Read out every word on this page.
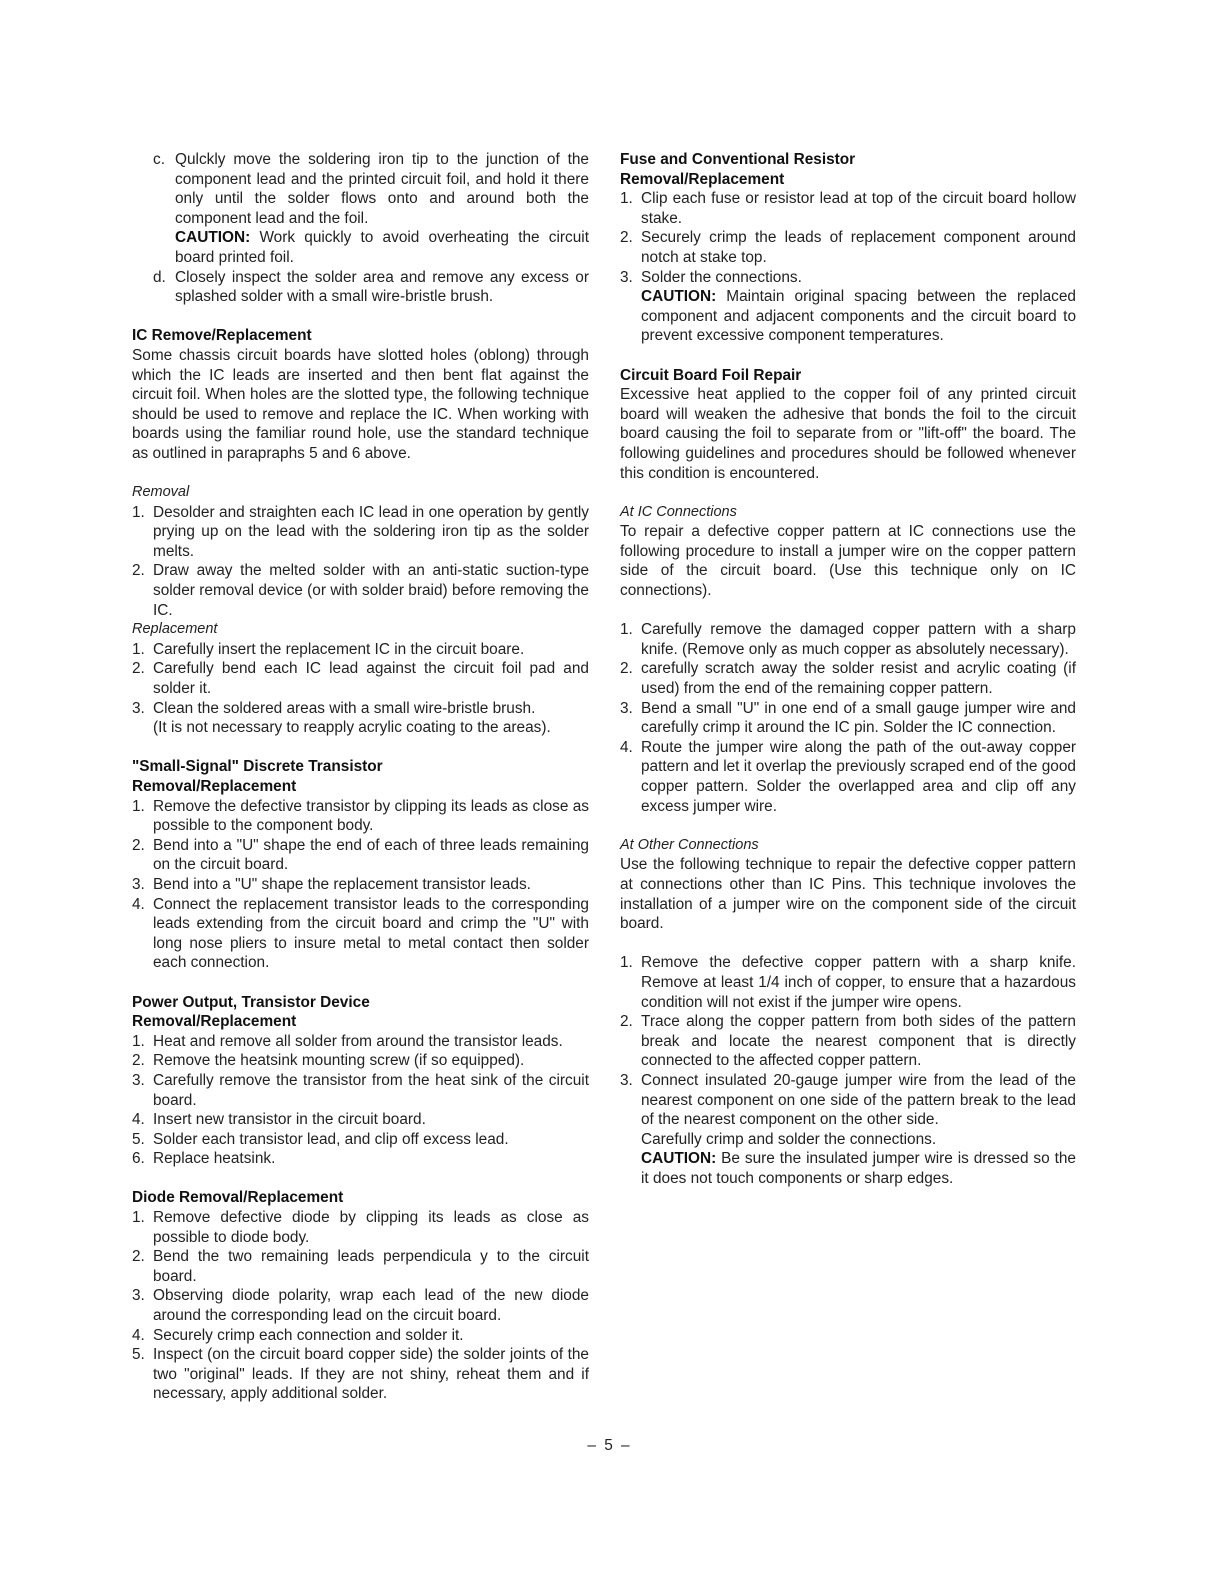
c. Qulckly move the soldering iron tip to the junction of the component lead and the printed circuit foil, and hold it there only until the solder flows onto and around both the component lead and the foil.
CAUTION: Work quickly to avoid overheating the circuit board printed foil.
d. Closely inspect the solder area and remove any excess or splashed solder with a small wire-bristle brush.

IC Remove/Replacement

Some chassis circuit boards have slotted holes (oblong) through which the IC leads are inserted and then bent flat against the circuit foil. When holes are the slotted type, the following technique should be used to remove and replace the IC. When working with boards using the familiar round hole, use the standard technique as outlined in parapraphs 5 and 6 above.

Removal

1. Desolder and straighten each IC lead in one operation by gently prying up on the lead with the soldering iron tip as the solder melts.
2. Draw away the melted solder with an anti-static suction-type solder removal device (or with solder braid) before removing the IC.

Replacement

1. Carefully insert the replacement IC in the circuit boare.
2. Carefully bend each IC lead against the circuit foil pad and solder it.
3. Clean the soldered areas with a small wire-bristle brush.
(It is not necessary to reapply acrylic coating to the areas).

"Small-Signal" Discrete Transistor

Removal/Replacement

1. Remove the defective transistor by clipping its leads as close as possible to the component body.
2. Bend into a "U" shape the end of each of three leads remaining on the circuit board.
3. Bend into a "U" shape the replacement transistor leads.
4. Connect the replacement transistor leads to the corresponding leads extending from the circuit board and crimp the "U" with long nose pliers to insure metal to metal contact then solder each connection.

Power Output, Transistor Device

Removal/Replacement

1. Heat and remove all solder from around the transistor leads.
2. Remove the heatsink mounting screw (if so equipped).
3. Carefully remove the transistor from the heat sink of the circuit board.
4. Insert new transistor in the circuit board.
5. Solder each transistor lead, and clip off excess lead.
6. Replace heatsink.

Diode Removal/Replacement

1. Remove defective diode by clipping its leads as close as possible to diode body.
2. Bend the two remaining leads perpendicula y to the circuit board.
3. Observing diode polarity, wrap each lead of the new diode around the corresponding lead on the circuit board.
4. Securely crimp each connection and solder it.
5. Inspect (on the circuit board copper side) the solder joints of the two "original" leads. If they are not shiny, reheat them and if necessary, apply additional solder.

Fuse and Conventional Resistor

Removal/Replacement

1. Clip each fuse or resistor lead at top of the circuit board hollow stake.
2. Securely crimp the leads of replacement component around notch at stake top.
3. Solder the connections.
CAUTION: Maintain original spacing between the replaced component and adjacent components and the circuit board to prevent excessive component temperatures.

Circuit Board Foil Repair

Excessive heat applied to the copper foil of any printed circuit board will weaken the adhesive that bonds the foil to the circuit board causing the foil to separate from or "lift-off" the board. The following guidelines and procedures should be followed whenever this condition is encountered.

At IC Connections

To repair a defective copper pattern at IC connections use the following procedure to install a jumper wire on the copper pattern side of the circuit board. (Use this technique only on IC connections).

1. Carefully remove the damaged copper pattern with a sharp knife. (Remove only as much copper as absolutely necessary).
2. carefully scratch away the solder resist and acrylic coating (if used) from the end of the remaining copper pattern.
3. Bend a small "U" in one end of a small gauge jumper wire and carefully crimp it around the IC pin. Solder the IC connection.
4. Route the jumper wire along the path of the out-away copper pattern and let it overlap the previously scraped end of the good copper pattern. Solder the overlapped area and clip off any excess jumper wire.

At Other Connections

Use the following technique to repair the defective copper pattern at connections other than IC Pins. This technique involoves the installation of a jumper wire on the component side of the circuit board.

1. Remove the defective copper pattern with a sharp knife. Remove at least 1/4 inch of copper, to ensure that a hazardous condition will not exist if the jumper wire opens.
2. Trace along the copper pattern from both sides of the pattern break and locate the nearest component that is directly connected to the affected copper pattern.
3. Connect insulated 20-gauge jumper wire from the lead of the nearest component on one side of the pattern break to the lead of the nearest component on the other side.
Carefully crimp and solder the connections.
CAUTION: Be sure the insulated jumper wire is dressed so the it does not touch components or sharp edges.
– 5 –
